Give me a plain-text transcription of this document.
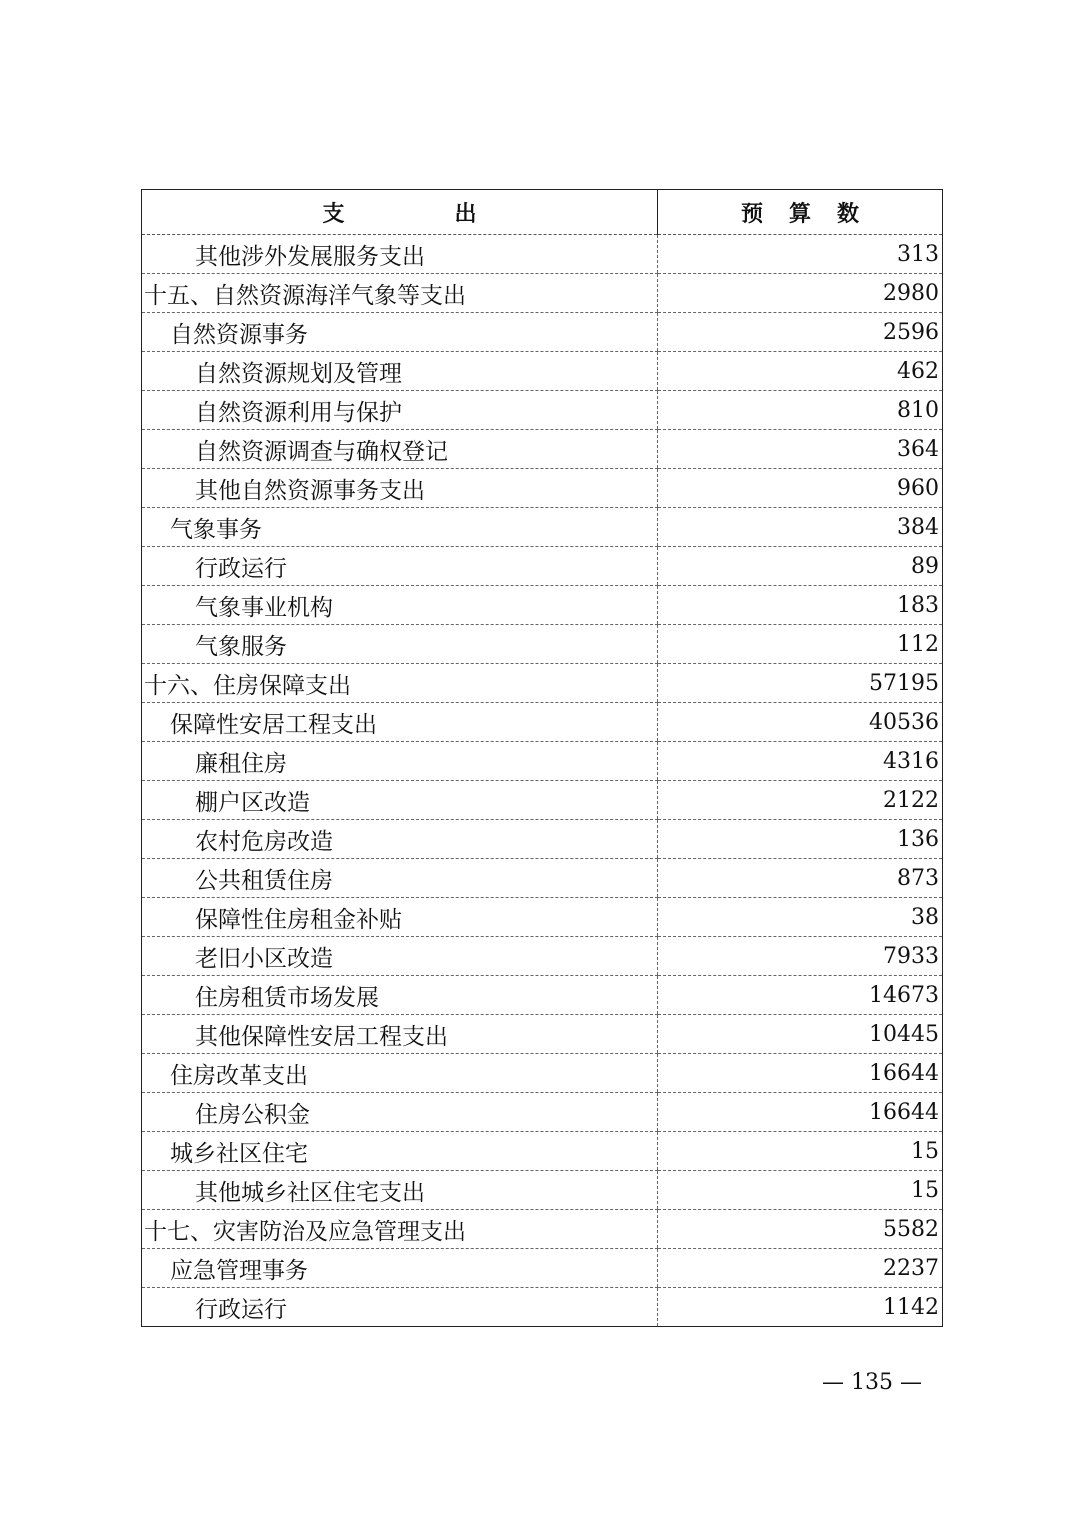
支 出	预 算 数
其他涉外发展服务支出	313
十五、自然资源海洋气象等支出	2980
自然资源事务	2596
自然资源规划及管理	462
自然资源利用与保护	810
自然资源调查与确权登记	364
其他自然资源事务支出	960
气象事务	384
行政运行	89
气象事业机构	183
气象服务	112
十六、住房保障支出	57195
保障性安居工程支出	40536
廉租住房	4316
棚户区改造	2122
农村危房改造	136
公共租赁住房	873
保障性住房租金补贴	38
老旧小区改造	7933
住房租赁市场发展	14673
其他保障性安居工程支出	10445
住房改革支出	16644
住房公积金	16644
城乡社区住宅	15
其他城乡社区住宅支出	15
十七、灾害防治及应急管理支出	5582
应急管理事务	2237
行政运行	1142
— 135 —
